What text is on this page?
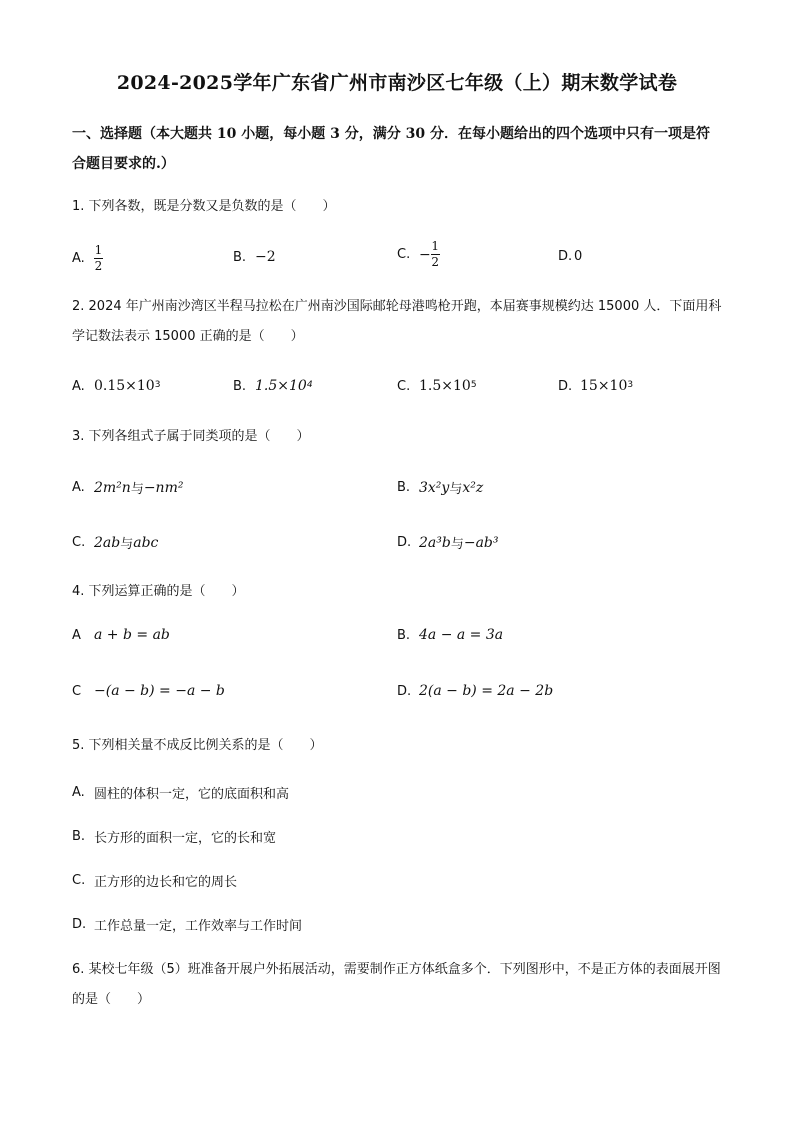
2024-2025学年广东省广州市南沙区七年级（上）期末数学试卷
一、选择题（本大题共 10 小题，每小题 3 分，满分 30 分．在每小题给出的四个选项中只有一项是符合题目要求的.）
1. 下列各数，既是分数又是负数的是（　　）
A. $\frac{1}{2}$	B. −2	C. − $\frac{1}{2}$	D. 0
2. 2024 年广州南沙湾区半程马拉松在广州南沙国际邮轮母港鸣枪开跑，本届赛事规模约达 15000 人．下面用科学记数法表示 15000 正确的是（　　）
A. $0.15\times 10^3$	B. $1.5\times 10^4$	C. $1.5\times 10^5$	D. $15\times 10^3$
3. 下列各组式子属于同类项的是（　　）
A. 2m²n 与 −nm²	B. 3x²y 与 x²z
C. 2ab 与 abc	D. 2a³b 与 −ab³
4. 下列运算正确的是（　　）
A a + b = ab	B. 4a − a = 3a
C −(a − b) = −a − b	D. 2(a − b) = 2a − 2b
5. 下列相关量不成反比例关系的是（　　）
A. 圆柱的体积一定，它的底面积和高
B. 长方形的面积一定，它的长和宽
C. 正方形的边长和它的周长
D. 工作总量一定，工作效率与工作时间
6. 某校七年级（5）班准备开展户外拓展活动，需要制作正方体纸盒多个．下列图形中，不是正方体的表面展开图的是（　　）
